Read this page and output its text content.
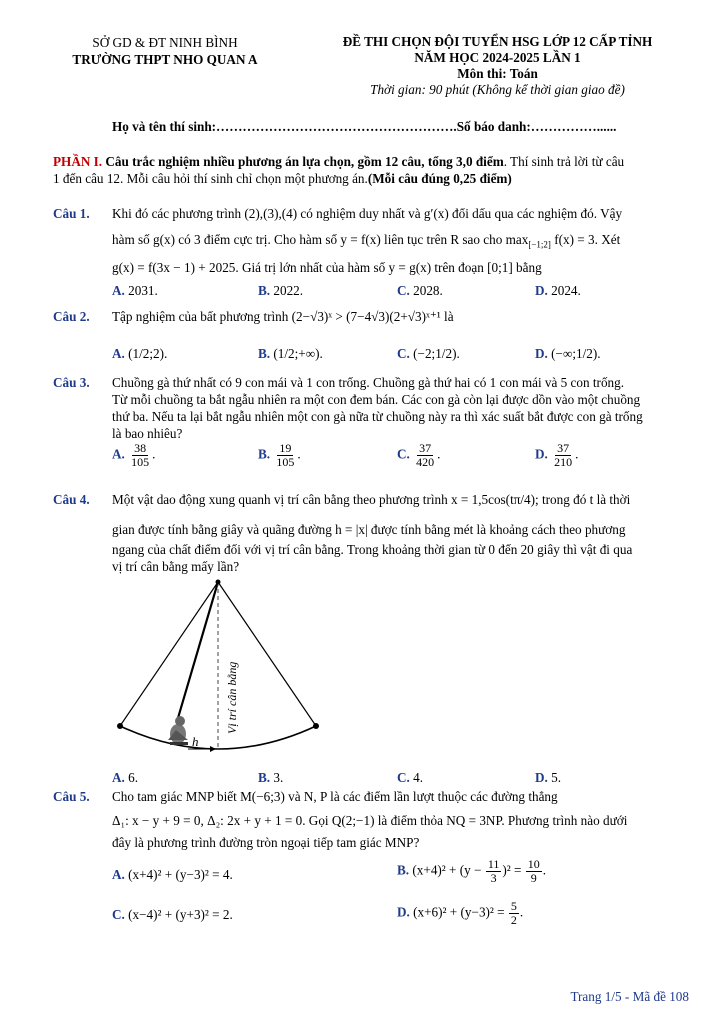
SỞ GD & ĐT NINH BÌNH
TRƯỜNG THPT NHO QUAN A
ĐỀ THI CHỌN ĐỘI TUYỂN HSG LỚP 12 CẤP TỈNH
NĂM HỌC 2024-2025 LẦN 1
Môn thi: Toán
Thời gian: 90 phút (Không kể thời gian giao đề)
Họ và tên thí sinh:……………………………………………….Số báo danh:……………......
PHẦN I. Câu trắc nghiệm nhiều phương án lựa chọn, gồm 12 câu, tổng 3,0 điểm. Thí sinh trả lời từ câu
1 đến câu 12. Mỗi câu hỏi thí sinh chỉ chọn một phương án.(Mỗi câu đúng 0,25 điểm)
Câu 1. Khi đó các phương trình (2),(3),(4) có nghiệm duy nhất và g′(x) đổi dấu qua các nghiệm đó. Vậy
hàm số g(x) có 3 điểm cực trị. Cho hàm số y = f(x) liên tục trên R sao cho $\max_{[-1;2]} f(x) = 3$. Xét
g(x) = f(3x − 1) + 2025. Giá trị lớn nhất của hàm số y = g(x) trên đoạn [0;1] bằng
A. 2031.	B. 2022.	C. 2028.	D. 2024.
Câu 2. Tập nghiệm của bất phương trình (2−√3)ˣ > (7−4√3)(2+√3)ˣ⁺¹ là
A. (1/2;2).	B. (1/2;+∞).	C. (−2;1/2).	D. (−∞;1/2).
Câu 3. Chuồng gà thứ nhất có 9 con mái và 1 con trống. Chuồng gà thứ hai có 1 con mái và 5 con trống.
Từ mỗi chuồng ta bắt ngẫu nhiên ra một con đem bán. Các con gà còn lại được dồn vào một chuồng
thứ ba. Nếu ta lại bắt ngẫu nhiên một con gà nữa từ chuồng này ra thì xác suất bắt được con gà trống
là bao nhiêu?
A. $\frac{38}{105}$ .	B. $\frac{19}{105}$ .	C. $\frac{37}{420}$ .	D. $\frac{37}{210}$ .
Câu 4. Một vật dao động xung quanh vị trí cân bằng theo phương trình x = 1,5cos(tπ/4); trong đó t là thời
gian được tính bằng giây và quãng đường h = |x| được tính bằng mét là khoảng cách theo phương
ngang của chất điểm đối với vị trí cân bằng. Trong khoảng thời gian từ 0 đến 20 giây thì vật đi qua
vị trí cân bằng mấy lần?
h
Vị trí cân bằng
A. 6.	B. 3.	C. 4.	D. 5.
Câu 5. Cho tam giác MNP biết M(−6;3) và N, P là các điểm lần lượt thuộc các đường thẳng
Δ₁: x − y + 9 = 0, Δ₂: 2x + y + 1 = 0. Gọi Q(2;−1) là điểm thỏa NQ = 3NP. Phương trình nào dưới
đây là phương trình đường tròn ngoại tiếp tam giác MNP?
A. (x+4)² + (y−3)² = 4.	B. $(x+4)^2 + (y - \frac{11}{3} )^2 = \frac{10}{9}$ .
C. (x−4)² + (y+3)² = 2.	D. $(x+6)^2 + (y-3)^2 = \frac{5}{2}$ .
Trang 1/5 - Mã đề 108
